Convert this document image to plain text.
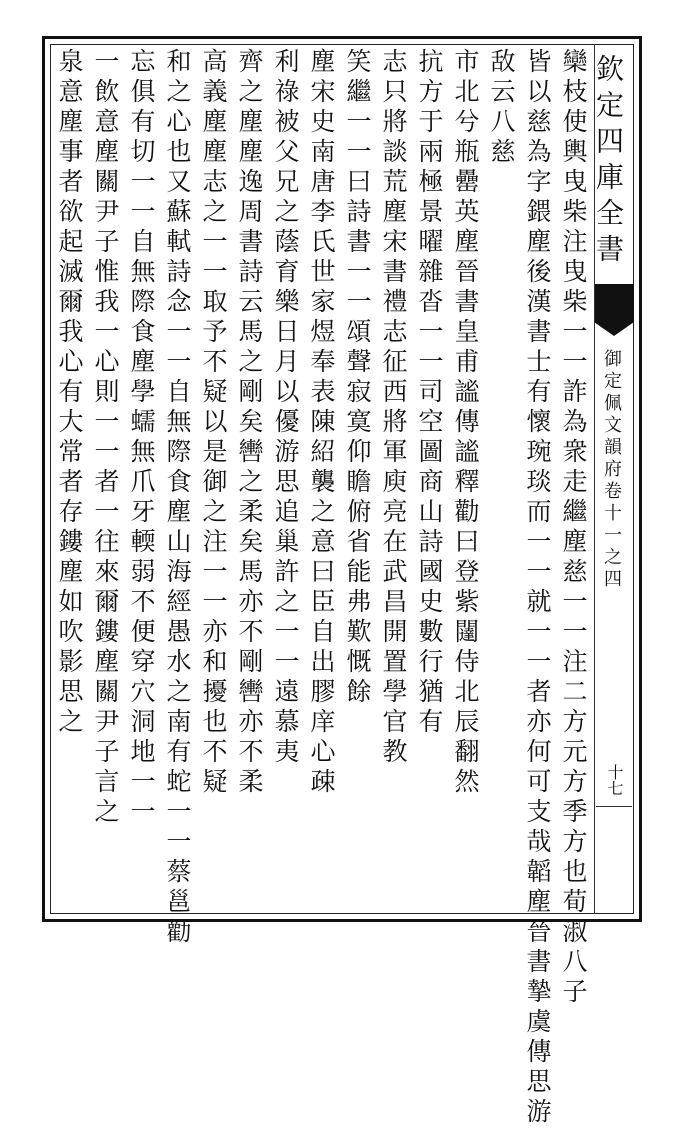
欽定四庫全書
御定佩文韻府卷十一之四
十七
欒枝使輿曳柴注曳柴一一詐為衆走繼塵慈一一注二方元方季方也荀淑八子
皆以慈為字鍡塵後漢書士有懷琬琰而一一就一一者亦何可支哉韜塵晉書摯虞傳思游
敌云八慈
市北兮瓶罍英塵晉書皇甫謐傳謐釋勸曰登紫闥侍北辰翻然
抗方于兩極景曜雜沓一一司空圖商山詩國史數行猶有
志只將談荒塵宋書禮志征西將軍庾亮在武昌開置學官教
笑繼一一曰詩書一一頌聲寂寞仰瞻俯省能弗歎慨餘
塵宋史南唐李氏世家煜奉表陳紹襲之意曰臣自出膠庠心疎
利祿被父兄之蔭育樂日月以優游思追巢許之一一遠慕夷
齊之塵塵逸周書詩云馬之剛矣轡之柔矣馬亦不剛轡亦不柔
高義塵塵志之一一取予不疑以是御之注一一亦和擾也不疑
和之心也又蘇軾詩念一一自無際食塵山海經愚水之南有蛇一一蔡邕勸
忘俱有切一一自無際食塵學蠕無爪牙輭弱不便穿穴洞地一一
一飲意塵關尹子惟我一心則一一者一往來爾鏤塵關尹子言之
泉意塵事者欲起滅爾我心有大常者存鏤塵如吹影思之
